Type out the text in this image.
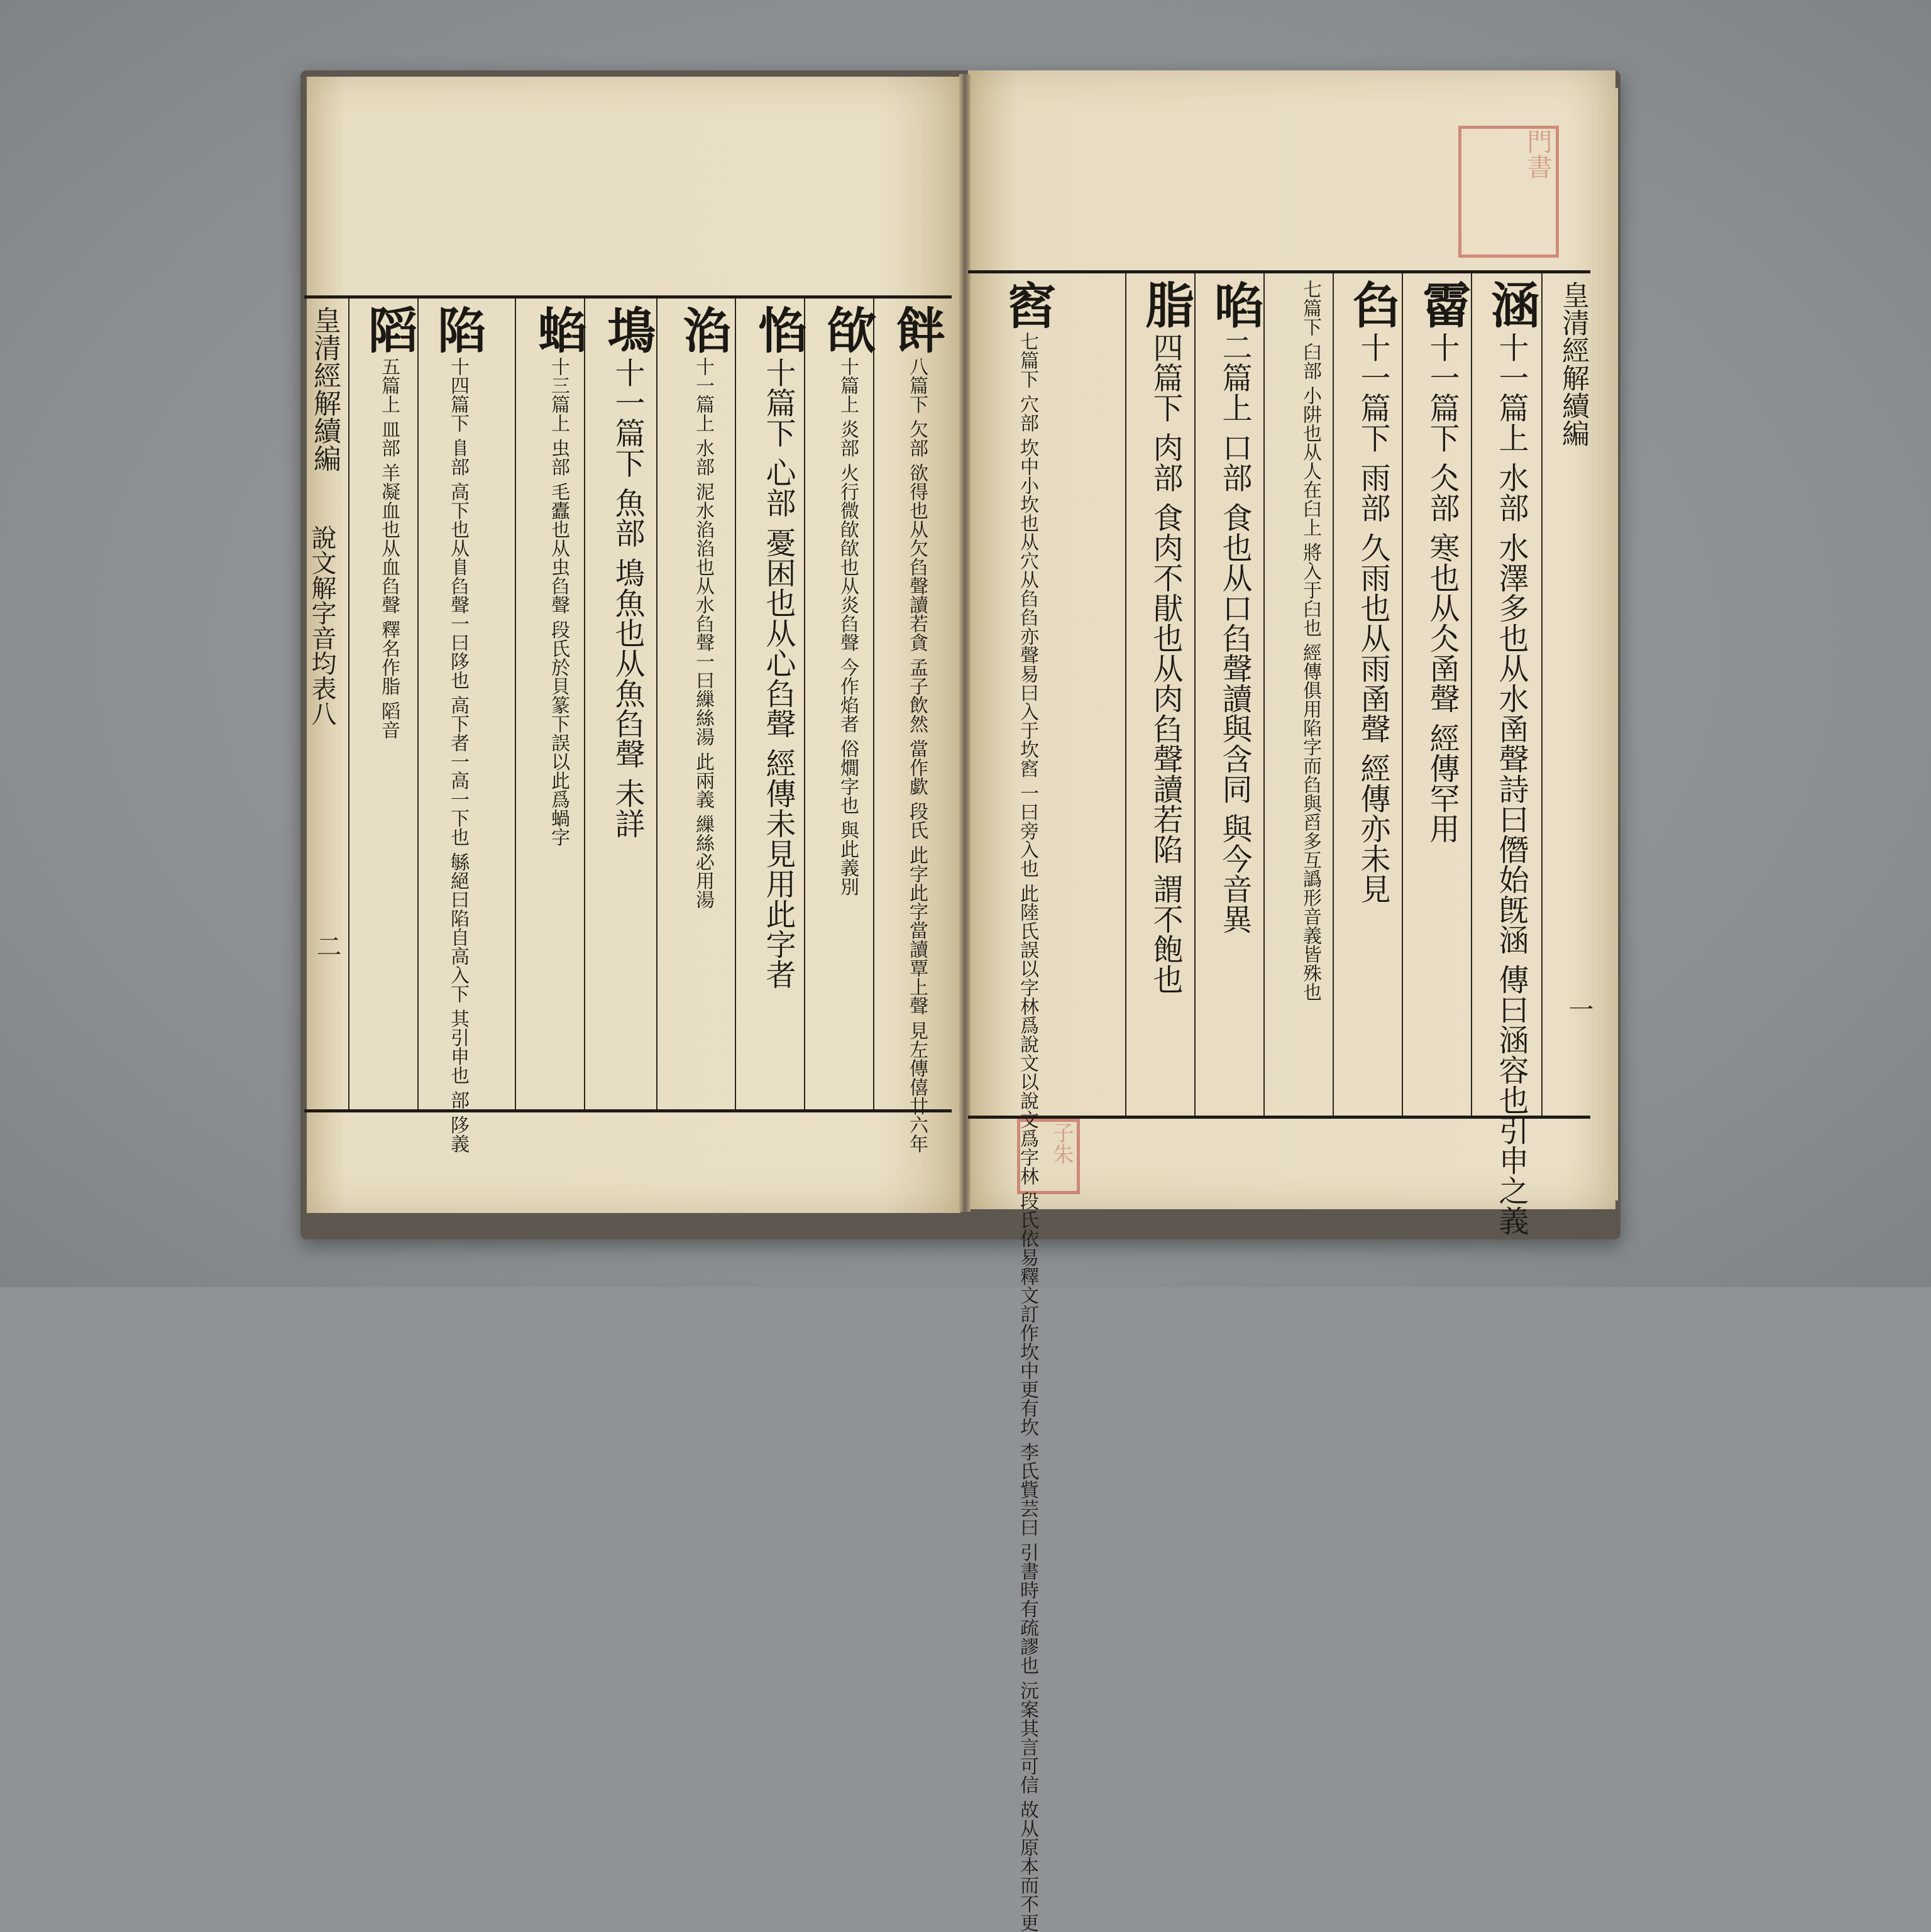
門書
子朱
皇清經解續編
一
涵 十一篇上 水部 水澤多也从水圅聲詩曰僭始旣涵 傳曰涵容也引申之義
霤 十一篇下 仌部 寒也从仌圅聲 經傳罕用
臽 十一篇下 雨部 久雨也从雨圅聲 經傳亦未見
七篇下 臼部 小阱也从人在臼上 將入于臼也 經傳俱用陷字而臽與舀多互譌形音義皆殊也
啗 二篇上 口部 食也从口臽聲讀與含同 與今音異
脂 四篇下 肉部 食肉不猒也从肉臽聲讀若陷 謂不飽也
窞 七篇下 穴部 坎中小坎也从穴从臽臽亦聲易曰入于坎窞 一曰旁入也 此陸氏誤以字林爲說文以說文爲字林 段氏依易釋文訂作坎中更有坎 李氏貲芸曰 引書時有疏謬也 沅案其言可信 故从原本而不更
皇清經解續編
說文解字音均表八
二
䬳 八篇下 欠部 欲得也从欠臽聲讀若貪 孟子飲然 當作歔 段氏 此字此字當讀覃上聲 見左傳僖廿六年
欿 十篇上 炎部 火行微欿欿也从炎臽聲 今作焰者 俗燗字也 與此義別
惂 十篇下 心部 憂困也从心臽聲 經傳未見用此字者
淊 十一篇上 水部 泥水淊淊也从水臽聲一曰繅絲湯 此兩義 繅絲必用湯
䲧 十一篇下 魚部 䲧魚也从魚臽聲 未詳
蜭 十三篇上 虫部 毛蠹也从虫臽聲 段氏於貝篆下誤以此爲蝸字
陷 十四篇下 𨸏部 高下也从𨸏臽聲一曰陊也 高下者一高一下也 緐絕曰陷自高入下 其引申也 部 陊義
䧟 五篇上 皿部 羊凝血也从血臽聲 釋名作脂 䧟音
